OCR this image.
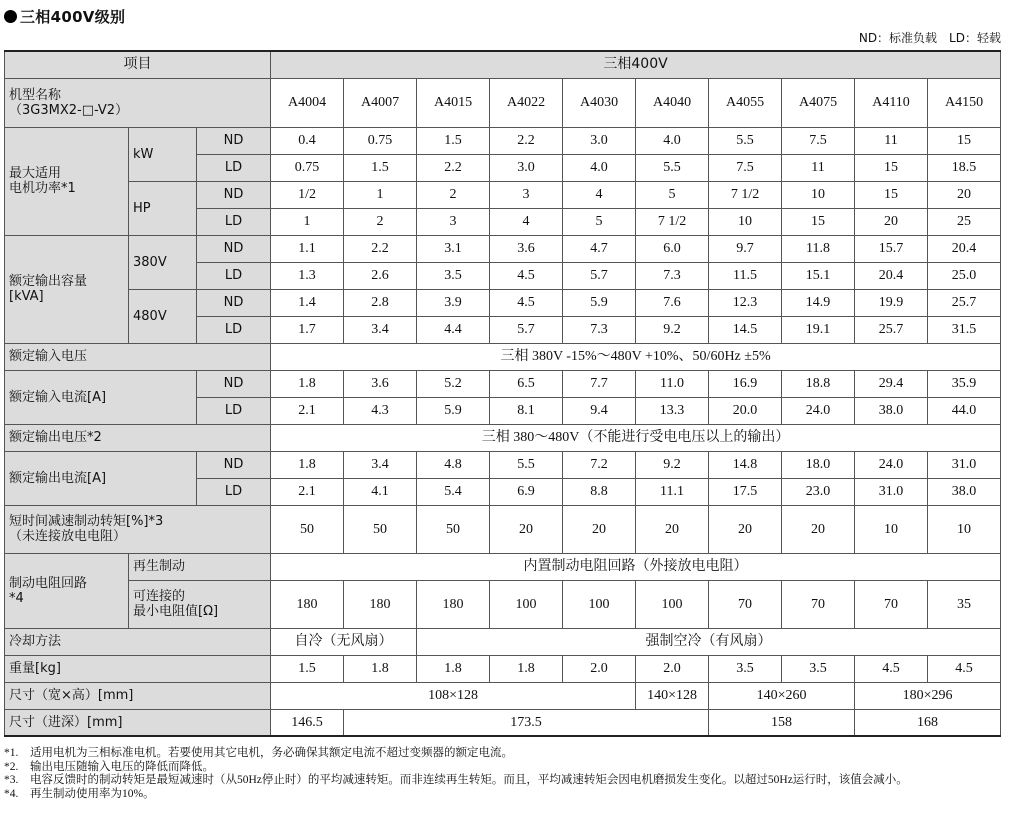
三相400V级别
ND：标准负载　LD：轻载
项目			三相400V									
机型名称
（3G3MX2-□-V2）			A4004	A4007	A4015	A4022	A4030	A4040	A4055	A4075	A4110	A4150
最大适用
电机功率*1	kW	ND	0.4	0.75	1.5	2.2	3.0	4.0	5.5	7.5	11	15
		LD	0.75	1.5	2.2	3.0	4.0	5.5	7.5	11	15	18.5
	HP	ND	1/2	1	2	3	4	5	7 1/2	10	15	20
		LD	1	2	3	4	5	7 1/2	10	15	20	25
额定输出容量
[kVA]	380V	ND	1.1	2.2	3.1	3.6	4.7	6.0	9.7	11.8	15.7	20.4
		LD	1.3	2.6	3.5	4.5	5.7	7.3	11.5	15.1	20.4	25.0
	480V	ND	1.4	2.8	3.9	4.5	5.9	7.6	12.3	14.9	19.9	25.7
		LD	1.7	3.4	4.4	5.7	7.3	9.2	14.5	19.1	25.7	31.5
额定输入电压			三相 380V -15%～480V +10%、50/60Hz ±5%									
额定输入电流[A]		ND	1.8	3.6	5.2	6.5	7.7	11.0	16.9	18.8	29.4	35.9
		LD	2.1	4.3	5.9	8.1	9.4	13.3	20.0	24.0	38.0	44.0
额定输出电压*2			三相 380～480V（不能进行受电电压以上的输出）									
额定输出电流[A]		ND	1.8	3.4	4.8	5.5	7.2	9.2	14.8	18.0	24.0	31.0
		LD	2.1	4.1	5.4	6.9	8.8	11.1	17.5	23.0	31.0	38.0
短时间减速制动转矩[%]*3
（未连接放电电阻）			50	50	50	20	20	20	20	20	10	10
制动电阻回路
*4	再生制动		内置制动电阻回路（外接放电电阻）									
	可连接的
最小电阻值[Ω]		180	180	180	100	100	100	70	70	70	35
冷却方法			自冷（无风扇）		强制空冷（有风扇）							
重量[kg]			1.5	1.8	1.8	1.8	2.0	2.0	3.5	3.5	4.5	4.5
尺寸（宽×高）[mm]			108×128					140×128	140×260		180×296	
尺寸（进深）[mm]			146.5	173.5					158		168	
*1.	适用电机为三相标准电机。若要使用其它电机，务必确保其额定电流不超过变频器的额定电流。
*2.	输出电压随输入电压的降低而降低。
*3.	电容反馈时的制动转矩是最短减速时（从50Hz停止时）的平均减速转矩。而非连续再生转矩。而且，平均减速转矩会因电机磨损发生变化。以超过50Hz运行时，该值会减小。
*4.	再生制动使用率为10%。
